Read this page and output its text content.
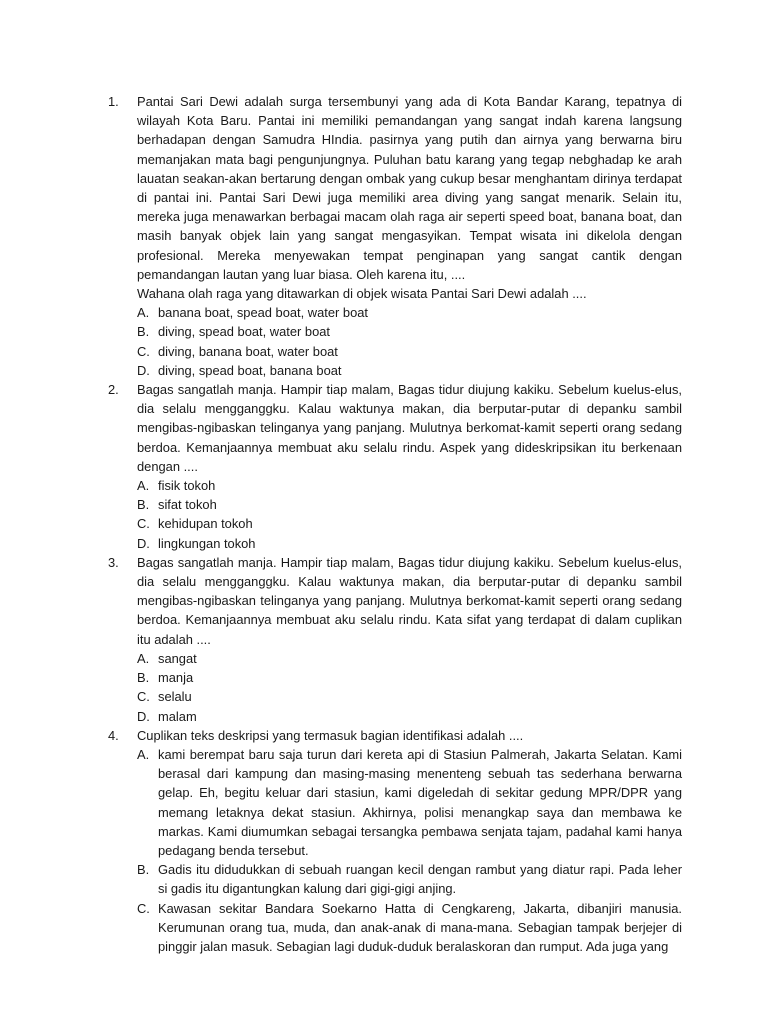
1. Pantai Sari Dewi adalah surga tersembunyi yang ada di Kota Bandar Karang, tepatnya di wilayah Kota Baru. Pantai ini memiliki pemandangan yang sangat indah karena langsung berhadapan dengan Samudra HIndia. pasirnya yang putih dan airnya yang berwarna biru memanjakan mata bagi pengunjungnya. Puluhan batu karang yang tegap nebghadap ke arah lauatan seakan-akan bertarung dengan ombak yang cukup besar menghantam dirinya terdapat di pantai ini. Pantai Sari Dewi juga memiliki area diving yang sangat menarik. Selain itu, mereka juga menawarkan berbagai macam olah raga air seperti speed boat, banana boat, dan masih banyak objek lain yang sangat mengasyikan. Tempat wisata ini dikelola dengan profesional. Mereka menyewakan tempat penginapan yang sangat cantik dengan pemandangan lautan yang luar biasa. Oleh karena itu, ....
Wahana olah raga yang ditawarkan di objek wisata Pantai Sari Dewi adalah ....
A. banana boat, spead boat, water boat
B. diving, spead boat, water boat
C. diving, banana boat, water boat
D. diving, spead boat, banana boat
2. Bagas sangatlah manja. Hampir tiap malam, Bagas tidur diujung kakiku. Sebelum kuelus-elus, dia selalu mengganggku. Kalau waktunya makan, dia berputar-putar di depanku sambil mengibas-ngibaskan telinganya yang panjang. Mulutnya berkomat-kamit seperti orang sedang berdoa. Kemanjaannya membuat aku selalu rindu. Aspek yang dideskripsikan itu berkenaan dengan ....
A. fisik tokoh
B. sifat tokoh
C. kehidupan tokoh
D. lingkungan tokoh
3. Bagas sangatlah manja. Hampir tiap malam, Bagas tidur diujung kakiku. Sebelum kuelus-elus, dia selalu mengganggku. Kalau waktunya makan, dia berputar-putar di depanku sambil mengibas-ngibaskan telinganya yang panjang. Mulutnya berkomat-kamit seperti orang sedang berdoa. Kemanjaannya membuat aku selalu rindu. Kata sifat yang terdapat di dalam cuplikan itu adalah ....
A. sangat
B. manja
C. selalu
D. malam
4. Cuplikan teks deskripsi yang termasuk bagian identifikasi adalah ....
A. kami berempat baru saja turun dari kereta api di Stasiun Palmerah, Jakarta Selatan. Kami berasal dari kampung dan masing-masing menenteng sebuah tas sederhana berwarna gelap. Eh, begitu keluar dari stasiun, kami digeledah di sekitar gedung MPR/DPR yang memang letaknya dekat stasiun. Akhirnya, polisi menangkap saya dan membawa ke markas. Kami diumumkan sebagai tersangka pembawa senjata tajam, padahal kami hanya pedagang benda tersebut.
B. Gadis itu didudukkan di sebuah ruangan kecil dengan rambut yang diatur rapi. Pada leher si gadis itu digantungkan kalung dari gigi-gigi anjing.
C. Kawasan sekitar Bandara Soekarno Hatta di Cengkareng, Jakarta, dibanjiri manusia. Kerumunan orang tua, muda, dan anak-anak di mana-mana. Sebagian tampak berjejer di pinggir jalan masuk. Sebagian lagi duduk-duduk beralaskoran dan rumput. Ada juga yang
